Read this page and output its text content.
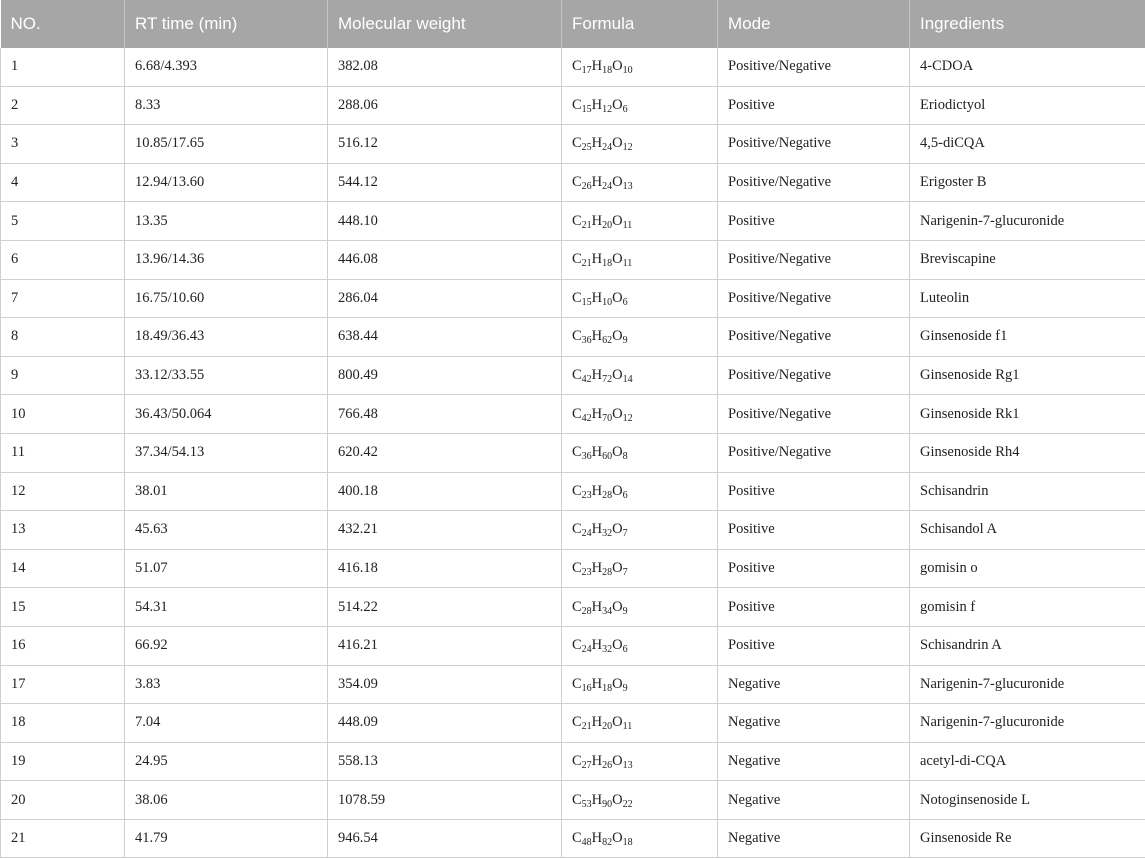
NO.	RT time (min)	Molecular weight	Formula	Mode	Ingredients
1	6.68/4.393	382.08	$C_{17}H_{18}O_{10}$	Positive/Negative	4-CDOA
2	8.33	288.06	$C_{15}H_{12}O_6$	Positive	Eriodictyol
3	10.85/17.65	516.12	$C_{25}H_{24}O_{12}$	Positive/Negative	4,5-diCQA
4	12.94/13.60	544.12	$C_{26}H_{24}O_{13}$	Positive/Negative	Erigoster B
5	13.35	448.10	$C_{21}H_{20}O_{11}$	Positive	Narigenin-7-glucuronide
6	13.96/14.36	446.08	$C_{21}H_{18}O_{11}$	Positive/Negative	Breviscapine
7	16.75/10.60	286.04	$C_{15}H_{10}O_6$	Positive/Negative	Luteolin
8	18.49/36.43	638.44	$C_{36}H_{62}O_9$	Positive/Negative	Ginsenoside f1
9	33.12/33.55	800.49	$C_{42}H_{72}O_{14}$	Positive/Negative	Ginsenoside Rg1
10	36.43/50.064	766.48	$C_{42}H_{70}O_{12}$	Positive/Negative	Ginsenoside Rk1
11	37.34/54.13	620.42	$C_{36}H_{60}O_8$	Positive/Negative	Ginsenoside Rh4
12	38.01	400.18	$C_{23}H_{28}O_6$	Positive	Schisandrin
13	45.63	432.21	$C_{24}H_{32}O_7$	Positive	Schisandol A
14	51.07	416.18	$C_{23}H_{28}O_7$	Positive	gomisin o
15	54.31	514.22	$C_{28}H_{34}O_9$	Positive	gomisin f
16	66.92	416.21	$C_{24}H_{32}O_6$	Positive	Schisandrin A
17	3.83	354.09	$C_{16}H_{18}O_9$	Negative	Narigenin-7-glucuronide
18	7.04	448.09	$C_{21}H_{20}O_{11}$	Negative	Narigenin-7-glucuronide
19	24.95	558.13	$C_{27}H_{26}O_{13}$	Negative	acetyl-di-CQA
20	38.06	1078.59	$C_{53}H_{90}O_{22}$	Negative	Notoginsenoside L
21	41.79	946.54	$C_{48}H_{82}O_{18}$	Negative	Ginsenoside Re
